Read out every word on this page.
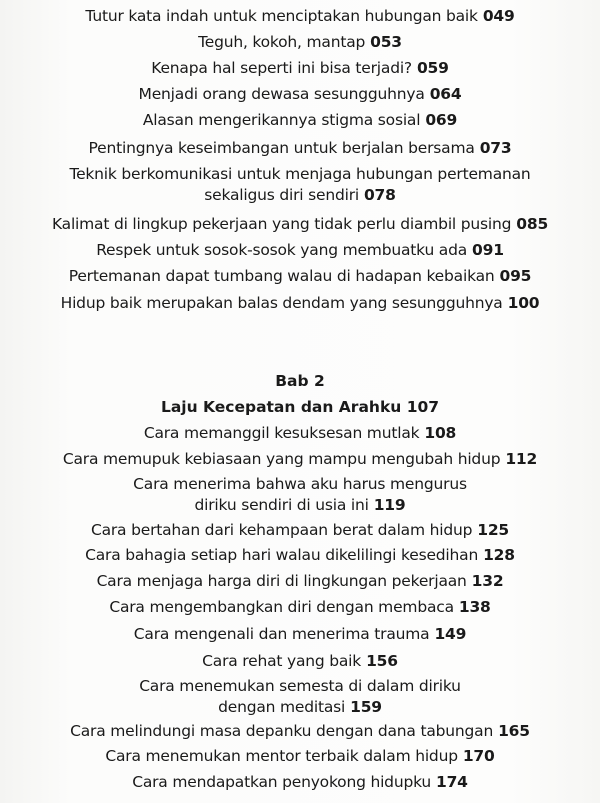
Tutur kata indah untuk menciptakan hubungan baik 049
Teguh, kokoh, mantap 053
Kenapa hal seperti ini bisa terjadi? 059
Menjadi orang dewasa sesungguhnya 064
Alasan mengerikannya stigma sosial 069
Pentingnya keseimbangan untuk berjalan bersama 073
Teknik berkomunikasi untuk menjaga hubungan pertemanan
sekaligus diri sendiri 078
Kalimat di lingkup pekerjaan yang tidak perlu diambil pusing 085
Respek untuk sosok-sosok yang membuatku ada 091
Pertemanan dapat tumbang walau di hadapan kebaikan 095
Hidup baik merupakan balas dendam yang sesungguhnya 100
Bab 2
Laju Kecepatan dan Arahku 107
Cara memanggil kesuksesan mutlak 108
Cara memupuk kebiasaan yang mampu mengubah hidup 112
Cara menerima bahwa aku harus mengurus
diriku sendiri di usia ini 119
Cara bertahan dari kehampaan berat dalam hidup 125
Cara bahagia setiap hari walau dikelilingi kesedihan 128
Cara menjaga harga diri di lingkungan pekerjaan 132
Cara mengembangkan diri dengan membaca 138
Cara mengenali dan menerima trauma 149
Cara rehat yang baik 156
Cara menemukan semesta di dalam diriku
dengan meditasi 159
Cara melindungi masa depanku dengan dana tabungan 165
Cara menemukan mentor terbaik dalam hidup 170
Cara mendapatkan penyokong hidupku 174
